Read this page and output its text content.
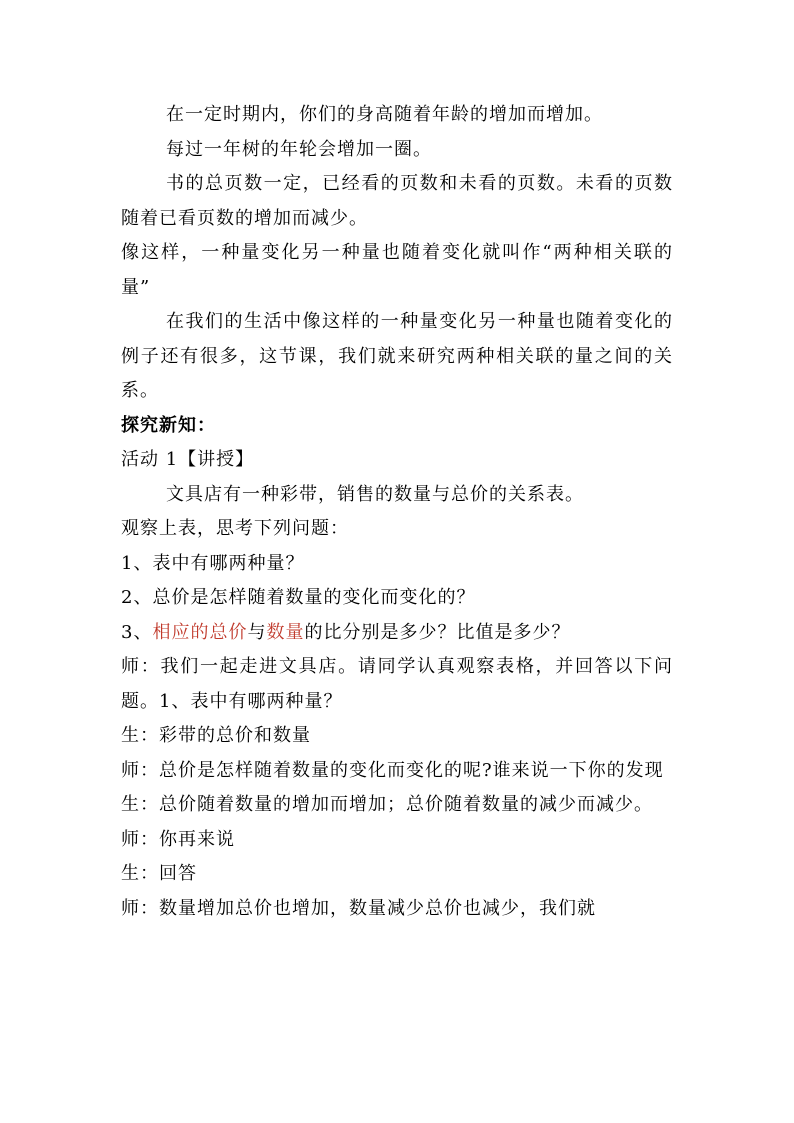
在一定时期内，你们的身高随着年龄的增加而增加。

每过一年树的年轮会增加一圈。

书的总页数一定，已经看的页数和未看的页数。未看的页数随着已看页数的增加而减少。

像这样，一种量变化另一种量也随着变化就叫作“两种相关联的量”

在我们的生活中像这样的一种量变化另一种量也随着变化的例子还有很多，这节课，我们就来研究两种相关联的量之间的关系。

探究新知：

活动 1【讲授】

文具店有一种彩带，销售的数量与总价的关系表。

观察上表，思考下列问题：

1、表中有哪两种量？

2、总价是怎样随着数量的变化而变化的？

3、相应的总价与数量的比分别是多少？比值是多少？

师：我们一起走进文具店。请同学认真观察表格，并回答以下问题。1、表中有哪两种量？

生：彩带的总价和数量

师：总价是怎样随着数量的变化而变化的呢?谁来说一下你的发现

生：总价随着数量的增加而增加；总价随着数量的减少而减少。

师：你再来说

生：回答

师：数量增加总价也增加，数量减少总价也减少，我们就
